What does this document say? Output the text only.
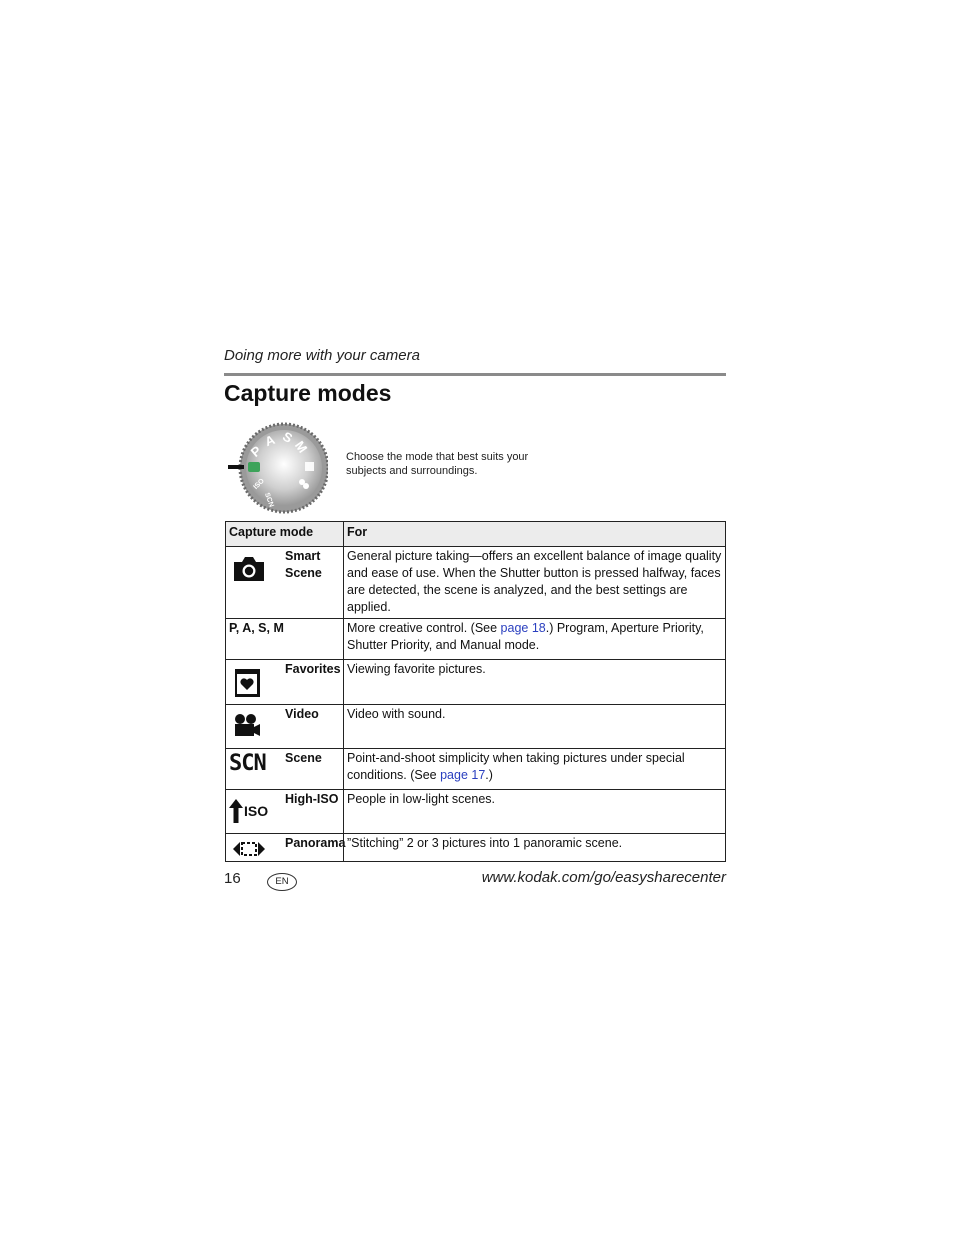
Doing more with your camera
Capture modes
P
A S
M
SCN
ISO
Choose the mode that best suits your subjects and surroundings.
Capture mode	For

Smart Scene	General picture taking—offers an excellent balance of image quality and ease of use. When the Shutter button is pressed halfway, faces are detected, the scene is analyzed, and the best settings are applied.
P, A, S, M	More creative control. (See page 18.) Program, Aperture Priority, Shutter Priority, and Manual mode.

Favorites	Viewing favorite pictures.

Video	Video with sound.

SCN Scene	Point-and-shoot simplicity when taking pictures under special conditions. (See page 17.)

ISO
High-ISO	People in low-light scenes.

Panorama	”Stitching” 2 or 3 pictures into 1 panoramic scene.
16	EN	www.kodak.com/go/easysharecenter
